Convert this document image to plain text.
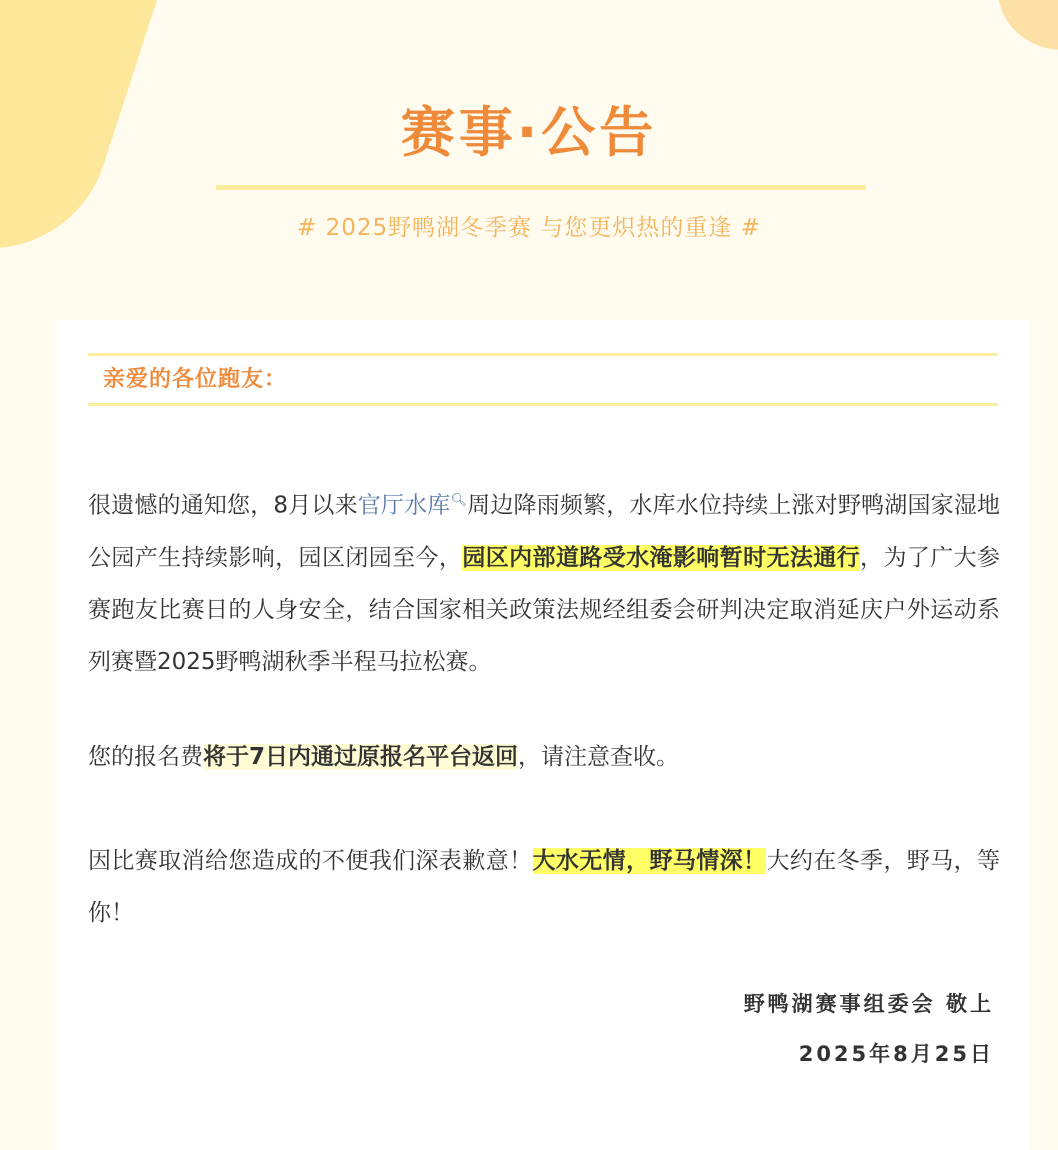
赛事·公告
# 2025野鸭湖冬季赛 与您更炽热的重逢 #
亲爱的各位跑友：
很遗憾的通知您，8月以来官厅水库🔍︎周边降雨频繁，水库水位持续上涨对野鸭湖国家湿地公园产生持续影响，园区闭园至今，园区内部道路受水淹影响暂时无法通行，为了广大参赛跑友比赛日的人身安全，结合国家相关政策法规经组委会研判决定取消延庆户外运动系列赛暨2025野鸭湖秋季半程马拉松赛。
您的报名费将于7日内通过原报名平台返回，请注意查收。
因比赛取消给您造成的不便我们深表歉意！大水无情，野马情深！大约在冬季，野马，等你！
野鸭湖赛事组委会 敬上
2025年8月25日
